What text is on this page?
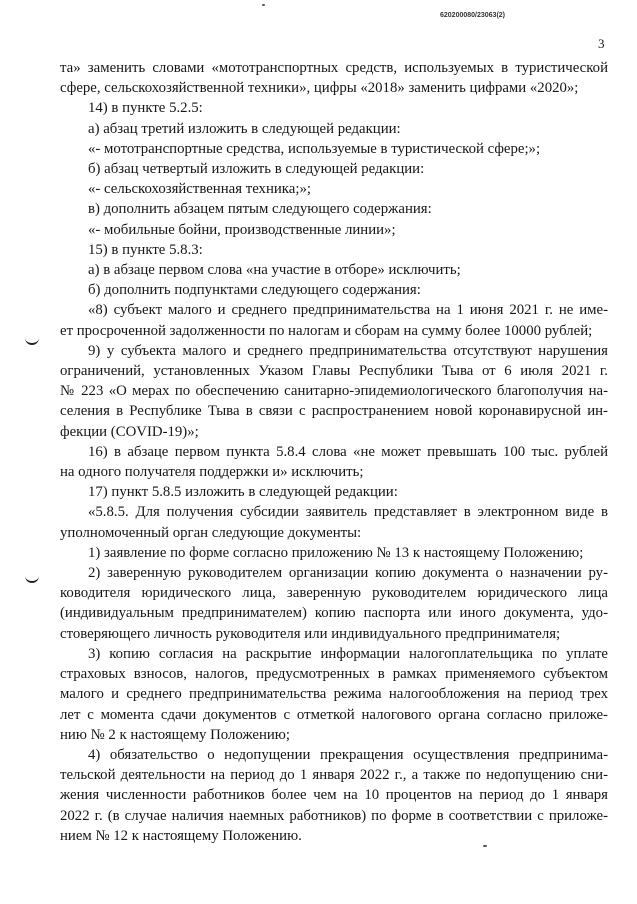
620200080/23063(2)
3
та» заменить словами «мототранспортных средств, используемых в туристической
сфере, сельскохозяйственной техники», цифры «2018» заменить цифрами «2020»;
14) в пункте 5.2.5:
а) абзац третий изложить в следующей редакции:
«- мототранспортные средства, используемые в туристической сфере;»;
б) абзац четвертый изложить в следующей редакции:
«- сельскохозяйственная техника;»;
в) дополнить абзацем пятым следующего содержания:
«- мобильные бойни, производственные линии»;
15) в пункте 5.8.3:
а) в абзаце первом слова «на участие в отборе» исключить;
б) дополнить подпунктами следующего содержания:
«8) субъект малого и среднего предпринимательства на 1 июня 2021 г. не име-
ет просроченной задолженности по налогам и сборам на сумму более 10000 рублей;
9) у субъекта малого и среднего предпринимательства отсутствуют нарушения
ограничений, установленных Указом Главы Республики Тыва от 6 июля 2021 г.
№ 223 «О мерах по обеспечению санитарно-эпидемиологического благополучия на-
селения в Республике Тыва в связи с распространением новой коронавирусной ин-
фекции (COVID-19)»;
16) в абзаце первом пункта 5.8.4 слова «не может превышать 100 тыс. рублей
на одного получателя поддержки и» исключить;
17) пункт 5.8.5 изложить в следующей редакции:
«5.8.5. Для получения субсидии заявитель представляет в электронном виде в
уполномоченный орган следующие документы:
1) заявление по форме согласно приложению № 13 к настоящему Положению;
2) заверенную руководителем организации копию документа о назначении ру-
ководителя юридического лица, заверенную руководителем юридического лица
(индивидуальным предпринимателем) копию паспорта или иного документа, удо-
стоверяющего личность руководителя или индивидуального предпринимателя;
3) копию согласия на раскрытие информации налогоплательщика по уплате
страховых взносов, налогов, предусмотренных в рамках применяемого субъектом
малого и среднего предпринимательства режима налогообложения на период трех
лет с момента сдачи документов с отметкой налогового органа согласно приложе-
нию № 2 к настоящему Положению;
4) обязательство о недопущении прекращения осуществления предпринима-
тельской деятельности на период до 1 января 2022 г., а также по недопущению сни-
жения численности работников более чем на 10 процентов на период до 1 января
2022 г. (в случае наличия наемных работников) по форме в соответствии с приложе-
нием № 12 к настоящему Положению.
